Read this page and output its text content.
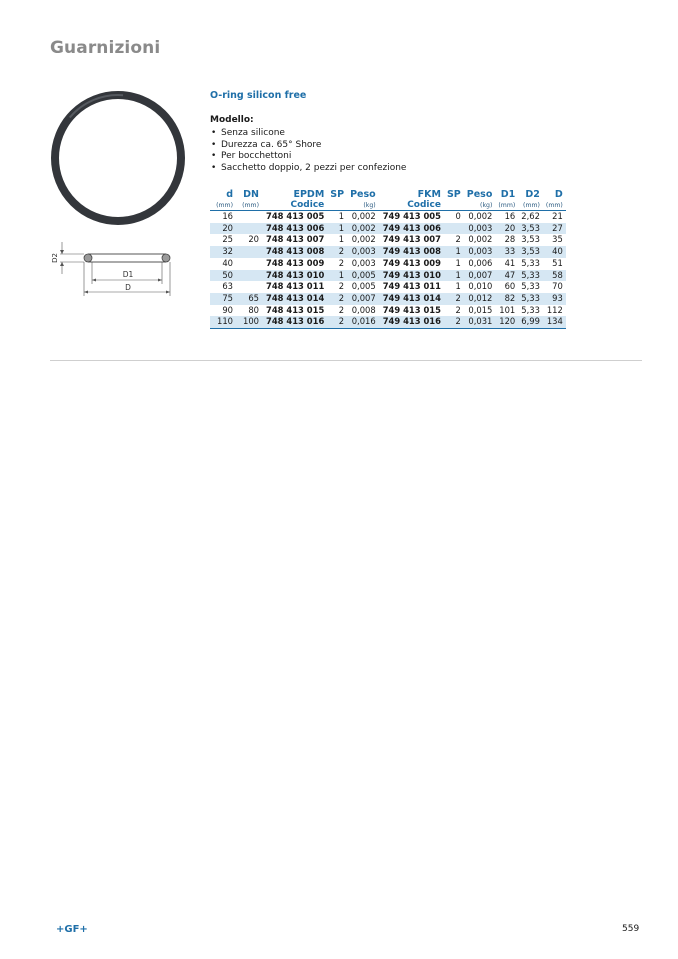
Guarnizioni
D2
D1
D
O-ring silicon free
Modello:
• Senza silicone
• Durezza ca. 65° Shore
• Per bocchettoni
• Sacchetto doppio, 2 pezzi per confezione
d	DN	EPDM	SP	Peso	FKM	SP	Peso	D1	D2	D
(mm)	(mm)	Codice		(kg)	Codice		(kg)	(mm)	(mm)	(mm)
16		748 413 005	1	0,002	749 413 005	0	0,002	16	2,62	21
20		748 413 006	1	0,002	749 413 006		0,003	20	3,53	27
25	20	748 413 007	1	0,002	749 413 007	2	0,002	28	3,53	35
32		748 413 008	2	0,003	749 413 008	1	0,003	33	3,53	40
40		748 413 009	2	0,003	749 413 009	1	0,006	41	5,33	51
50		748 413 010	1	0,005	749 413 010	1	0,007	47	5,33	58
63		748 413 011	2	0,005	749 413 011	1	0,010	60	5,33	70
75	65	748 413 014	2	0,007	749 413 014	2	0,012	82	5,33	93
90	80	748 413 015	2	0,008	749 413 015	2	0,015	101	5,33	112
110	100	748 413 016	2	0,016	749 413 016	2	0,031	120	6,99	134
+GF+	559
